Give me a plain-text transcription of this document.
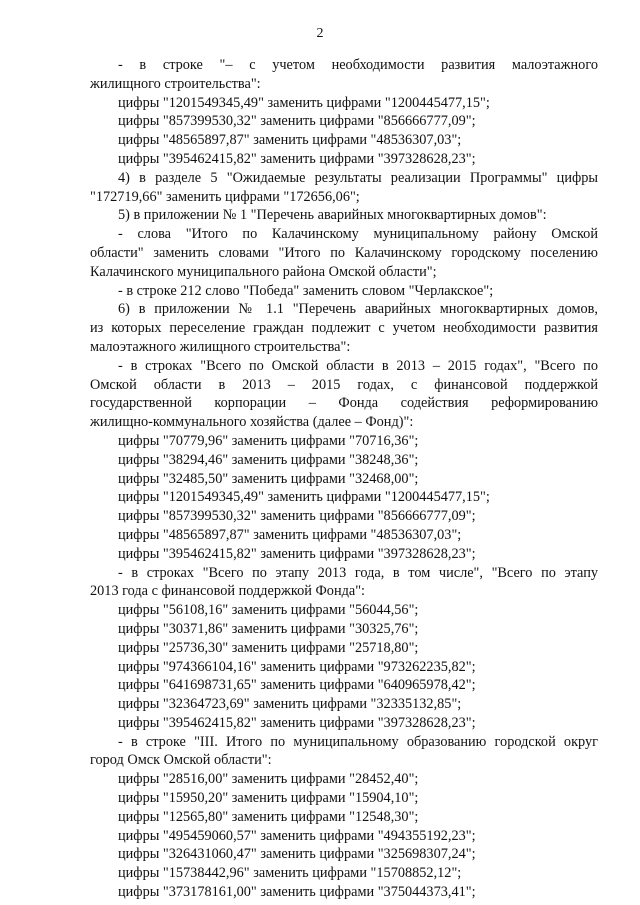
2
- в строке "– с учетом необходимости развития малоэтажного
жилищного строительства":
цифры "1201549345,49" заменить цифрами "1200445477,15";
цифры "857399530,32" заменить цифрами "856666777,09";
цифры "48565897,87" заменить цифрами "48536307,03";
цифры "395462415,82" заменить цифрами "397328628,23";
4) в разделе 5 "Ожидаемые результаты реализации Программы" цифры
"172719,66" заменить цифрами "172656,06";
5) в приложении № 1 "Перечень аварийных многоквартирных домов":
- слова "Итого по Калачинскому муниципальному району Омской
области" заменить словами "Итого по Калачинскому городскому поселению
Калачинского муниципального района Омской области";
- в строке 212 слово "Победа" заменить словом "Черлакское";
6) в приложении № 1.1 "Перечень аварийных многоквартирных домов,
из которых переселение граждан подлежит с учетом необходимости развития
малоэтажного жилищного строительства":
- в строках "Всего по Омской области в 2013 – 2015 годах", "Всего по
Омской области в 2013 – 2015 годах, с финансовой поддержкой
государственной корпорации – Фонда содействия реформированию
жилищно-коммунального хозяйства (далее – Фонд)":
цифры "70779,96" заменить цифрами "70716,36";
цифры "38294,46" заменить цифрами "38248,36";
цифры "32485,50" заменить цифрами "32468,00";
цифры "1201549345,49" заменить цифрами "1200445477,15";
цифры "857399530,32" заменить цифрами "856666777,09";
цифры "48565897,87" заменить цифрами "48536307,03";
цифры "395462415,82" заменить цифрами "397328628,23";
- в строках "Всего по этапу 2013 года, в том числе", "Всего по этапу
2013 года с финансовой поддержкой Фонда":
цифры "56108,16" заменить цифрами "56044,56";
цифры "30371,86" заменить цифрами "30325,76";
цифры "25736,30" заменить цифрами "25718,80";
цифры "974366104,16" заменить цифрами "973262235,82";
цифры "641698731,65" заменить цифрами "640965978,42";
цифры "32364723,69" заменить цифрами "32335132,85";
цифры "395462415,82" заменить цифрами "397328628,23";
- в строке "III. Итого по муниципальному образованию городской округ
город Омск Омской области":
цифры "28516,00" заменить цифрами "28452,40";
цифры "15950,20" заменить цифрами "15904,10";
цифры "12565,80" заменить цифрами "12548,30";
цифры "495459060,57" заменить цифрами "494355192,23";
цифры "326431060,47" заменить цифрами "325698307,24";
цифры "15738442,96" заменить цифрами "15708852,12";
цифры "373178161,00" заменить цифрами "375044373,41";
